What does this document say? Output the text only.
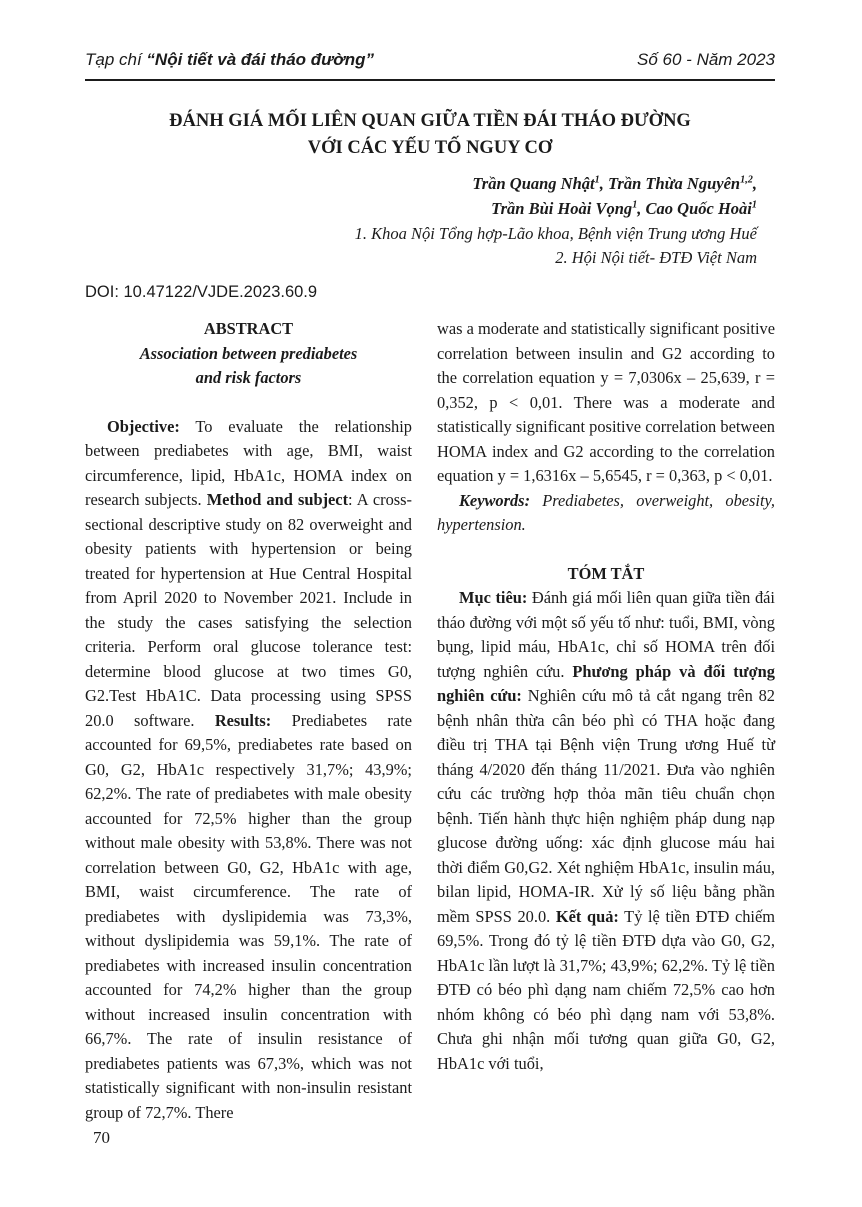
Tạp chí “Nội tiết và đái tháo đường”	Số 60 - Năm 2023
ĐÁNH GIÁ MỐI LIÊN QUAN GIỮA TIỀN ĐÁI THÁO ĐƯỜNG
VỚI CÁC YẾU TỐ NGUY CƠ
Trần Quang Nhật$^1$, Trần Thừa Nguyên$^{1,2}$,
Trần Bùi Hoài Vọng$^1$, Cao Quốc Hoài$^1$
1. Khoa Nội Tổng hợp-Lão khoa, Bệnh viện Trung ương Huế
2. Hội Nội tiết- ĐTĐ Việt Nam
DOI: 10.47122/VJDE.2023.60.9

ABSTRACT

Association between prediabetes

and risk factors

Objective: To evaluate the relationship between prediabetes with age, BMI, waist circumference, lipid, HbA1c, HOMA index on research subjects. Method and subject: A cross-sectional descriptive study on 82 overweight and obesity patients with hypertension or being treated for hypertension at Hue Central Hospital from April 2020 to November 2021. Include in the study the cases satisfying the selection criteria. Perform oral glucose tolerance test: determine blood glucose at two times G0, G2.Test HbA1C. Data processing using SPSS 20.0 software. Results: Prediabetes rate accounted for 69,5%, prediabetes rate based on G0, G2, HbA1c respectively 31,7%; 43,9%; 62,2%. The rate of prediabetes with male obesity accounted for 72,5% higher than the group without male obesity with 53,8%. There was not correlation between G0, G2, HbA1c with age, BMI, waist circumference. The rate of prediabetes with dyslipidemia was 73,3%, without dyslipidemia was 59,1%. The rate of prediabetes with increased insulin concentration accounted for 74,2% higher than the group without increased insulin concentration with 66,7%. The rate of insulin resistance of prediabetes patients was 67,3%, which was not statistically significant with non-insulin resistant group of 72,7%. There

was a moderate and statistically significant positive correlation between insulin and G2 according to the correlation equation y = 7,0306x – 25,639, r = 0,352, p < 0,01. There was a moderate and statistically significant positive correlation between HOMA index and G2 according to the correlation equation y = 1,6316x – 5,6545, r = 0,363, p < 0,01.

Keywords: Prediabetes, overweight, obesity, hypertension.

TÓM TẮT

Mục tiêu: Đánh giá mối liên quan giữa tiền đái tháo đường với một số yếu tố như: tuổi, BMI, vòng bụng, lipid máu, HbA1c, chỉ số HOMA trên đối tượng nghiên cứu. Phương pháp và đối tượng nghiên cứu: Nghiên cứu mô tả cắt ngang trên 82 bệnh nhân thừa cân béo phì có THA hoặc đang điều trị THA tại Bệnh viện Trung ương Huế từ tháng 4/2020 đến tháng 11/2021. Đưa vào nghiên cứu các trường hợp thỏa mãn tiêu chuẩn chọn bệnh. Tiến hành thực hiện nghiệm pháp dung nạp glucose đường uống: xác định glucose máu hai thời điểm G0,G2. Xét nghiệm HbA1c, insulin máu, bilan lipid, HOMA-IR. Xử lý số liệu bằng phần mềm SPSS 20.0. Kết quả: Tỷ lệ tiền ĐTĐ chiếm 69,5%. Trong đó tỷ lệ tiền ĐTĐ dựa vào G0, G2, HbA1c lần lượt là 31,7%; 43,9%; 62,2%. Tỷ lệ tiền ĐTĐ có béo phì dạng nam chiếm 72,5% cao hơn nhóm không có béo phì dạng nam với 53,8%. Chưa ghi nhận mối tương quan giữa G0, G2, HbA1c với tuổi,

70
